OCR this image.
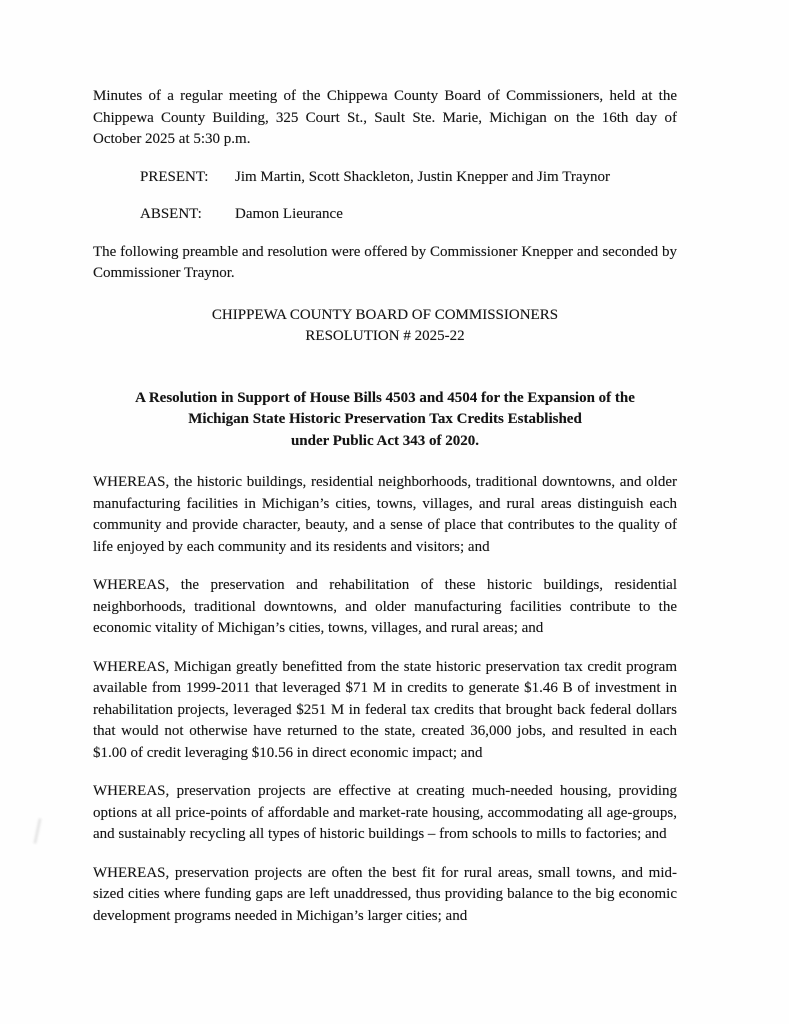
Minutes of a regular meeting of the Chippewa County Board of Commissioners, held at the Chippewa County Building, 325 Court St., Sault Ste. Marie, Michigan on the 16th day of October 2025 at 5:30 p.m.

PRESENT:	Jim Martin, Scott Shackleton, Justin Knepper and Jim Traynor
ABSENT:	Damon Lieurance

The following preamble and resolution were offered by Commissioner Knepper and seconded by Commissioner Traynor.

CHIPPEWA COUNTY BOARD OF COMMISSIONERS
RESOLUTION # 2025-22
A Resolution in Support of House Bills 4503 and 4504 for the Expansion of the
Michigan State Historic Preservation Tax Credits Established
under Public Act 343 of 2020.

WHEREAS, the historic buildings, residential neighborhoods, traditional downtowns, and older manufacturing facilities in Michigan’s cities, towns, villages, and rural areas distinguish each community and provide character, beauty, and a sense of place that contributes to the quality of life enjoyed by each community and its residents and visitors; and

WHEREAS, the preservation and rehabilitation of these historic buildings, residential neighborhoods, traditional downtowns, and older manufacturing facilities contribute to the economic vitality of Michigan’s cities, towns, villages, and rural areas; and

WHEREAS, Michigan greatly benefitted from the state historic preservation tax credit program available from 1999-2011 that leveraged $71 M in credits to generate $1.46 B of investment in rehabilitation projects, leveraged $251 M in federal tax credits that brought back federal dollars that would not otherwise have returned to the state, created 36,000 jobs, and resulted in each $1.00 of credit leveraging $10.56 in direct economic impact; and

WHEREAS, preservation projects are effective at creating much-needed housing, providing options at all price-points of affordable and market-rate housing, accommodating all age-groups, and sustainably recycling all types of historic buildings – from schools to mills to factories; and

WHEREAS, preservation projects are often the best fit for rural areas, small towns, and mid-sized cities where funding gaps are left unaddressed, thus providing balance to the big economic development programs needed in Michigan’s larger cities; and
